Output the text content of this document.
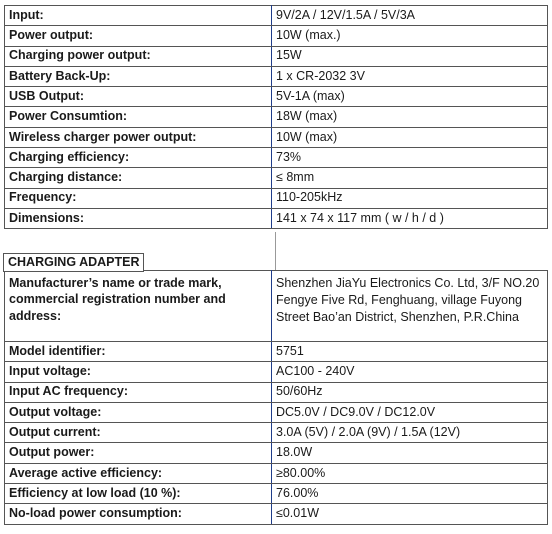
Input:	9V/2A / 12V/1.5A / 5V/3A
Power output:	10W (max.)
Charging power output:	15W
Battery Back-Up:	1 x CR-2032 3V
USB Output:	5V-1A (max)
Power Consumtion:	18W (max)
Wireless charger power output:	10W (max)
Charging efficiency:	73%
Charging distance:	≤ 8mm
Frequency:	110-205kHz
Dimensions:	141 x 74 x 117 mm ( w / h / d )
CHARGING ADAPTER
Manufacturer’s name or trade mark, commercial registration number and address:	Shenzhen JiaYu Electronics Co. Ltd, 3/F NO.20 Fengye Five Rd, Fenghuang, village Fuyong Street Bao’an District, Shenzhen, P.R.China
Model identifier:	5751
Input voltage:	AC100 - 240V
Input AC frequency:	50/60Hz
Output voltage:	DC5.0V / DC9.0V / DC12.0V
Output current:	3.0A (5V) / 2.0A (9V) / 1.5A (12V)
Output power:	18.0W
Average active efficiency:	≥80.00%
Efficiency at low load (10 %):	76.00%
No-load power consumption:	≤0.01W
